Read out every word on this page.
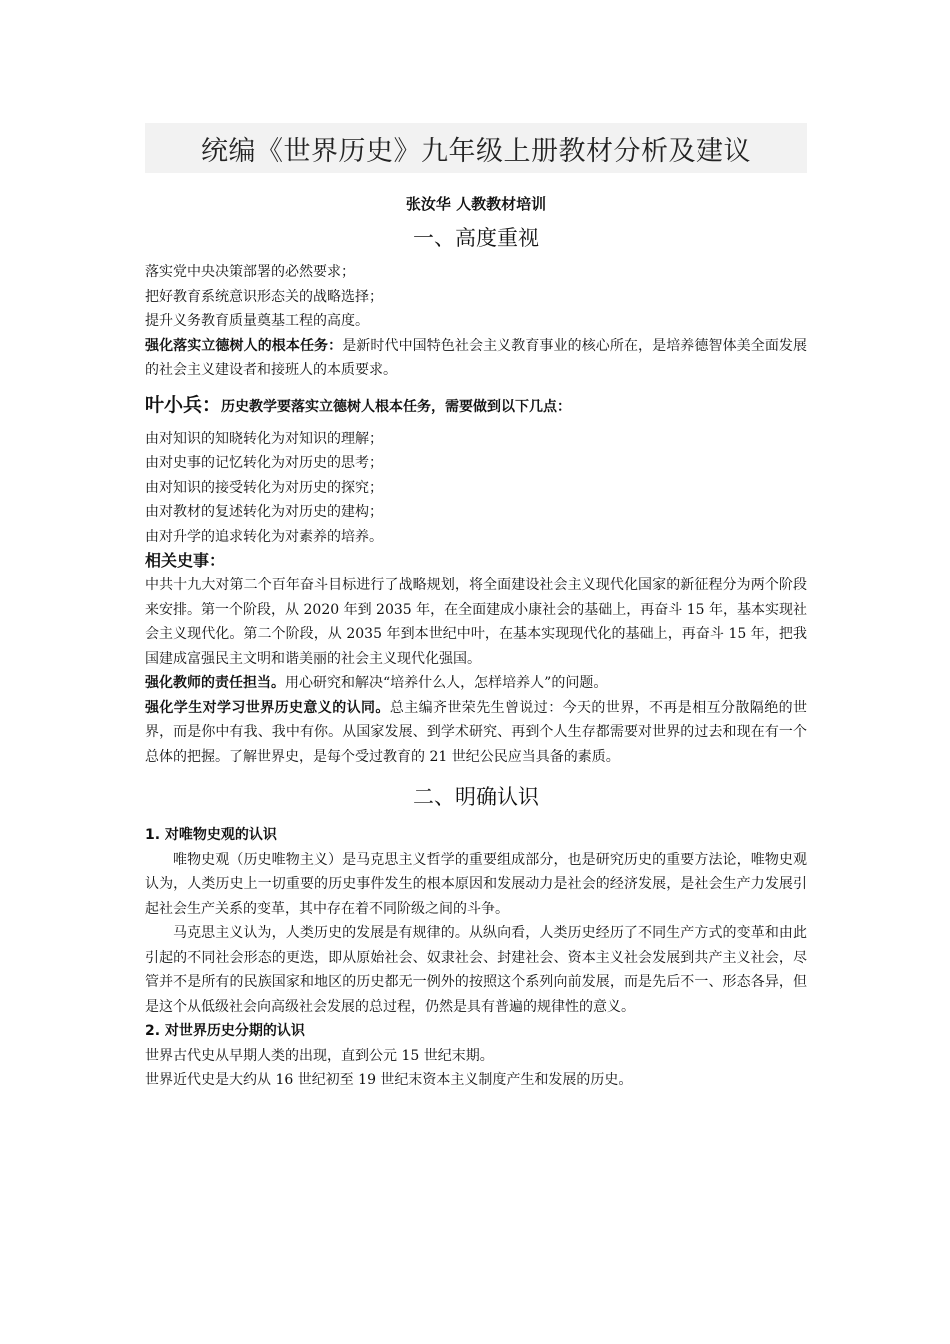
统编《世界历史》九年级上册教材分析及建议
张汝华 人教教材培训
一、高度重视

落实党中央决策部署的必然要求；

把好教育系统意识形态关的战略选择；

提升义务教育质量奠基工程的高度。

强化落实立德树人的根本任务：是新时代中国特色社会主义教育事业的核心所在，是培养德智体美全面发展的社会主义建设者和接班人的本质要求。

叶小兵：历史教学要落实立德树人根本任务，需要做到以下几点：

由对知识的知晓转化为对知识的理解；

由对史事的记忆转化为对历史的思考；

由对知识的接受转化为对历史的探究；

由对教材的复述转化为对历史的建构；

由对升学的追求转化为对素养的培养。

相关史事：

中共十九大对第二个百年奋斗目标进行了战略规划，将全面建设社会主义现代化国家的新征程分为两个阶段来安排。第一个阶段，从 2020 年到 2035 年，在全面建成小康社会的基础上，再奋斗 15 年，基本实现社会主义现代化。第二个阶段，从 2035 年到本世纪中叶，在基本实现现代化的基础上，再奋斗 15 年，把我国建成富强民主文明和谐美丽的社会主义现代化强国。

强化教师的责任担当。用心研究和解决“培养什么人，怎样培养人”的问题。

强化学生对学习世界历史意义的认同。总主编齐世荣先生曾说过：今天的世界，不再是相互分散隔绝的世界，而是你中有我、我中有你。从国家发展、到学术研究、再到个人生存都需要对世界的过去和现在有一个总体的把握。了解世界史，是每个受过教育的 21 世纪公民应当具备的素质。

二、明确认识
1. 对唯物史观的认识

唯物史观（历史唯物主义）是马克思主义哲学的重要组成部分，也是研究历史的重要方法论，唯物史观认为，人类历史上一切重要的历史事件发生的根本原因和发展动力是社会的经济发展，是社会生产力发展引起社会生产关系的变革，其中存在着不同阶级之间的斗争。

马克思主义认为，人类历史的发展是有规律的。从纵向看，人类历史经历了不同生产方式的变革和由此引起的不同社会形态的更迭，即从原始社会、奴隶社会、封建社会、资本主义社会发展到共产主义社会，尽管并不是所有的民族国家和地区的历史都无一例外的按照这个系列向前发展，而是先后不一、形态各异，但是这个从低级社会向高级社会发展的总过程，仍然是具有普遍的规律性的意义。

2. 对世界历史分期的认识

世界古代史从早期人类的出现，直到公元 15 世纪末期。

世界近代史是大约从 16 世纪初至 19 世纪末资本主义制度产生和发展的历史。
